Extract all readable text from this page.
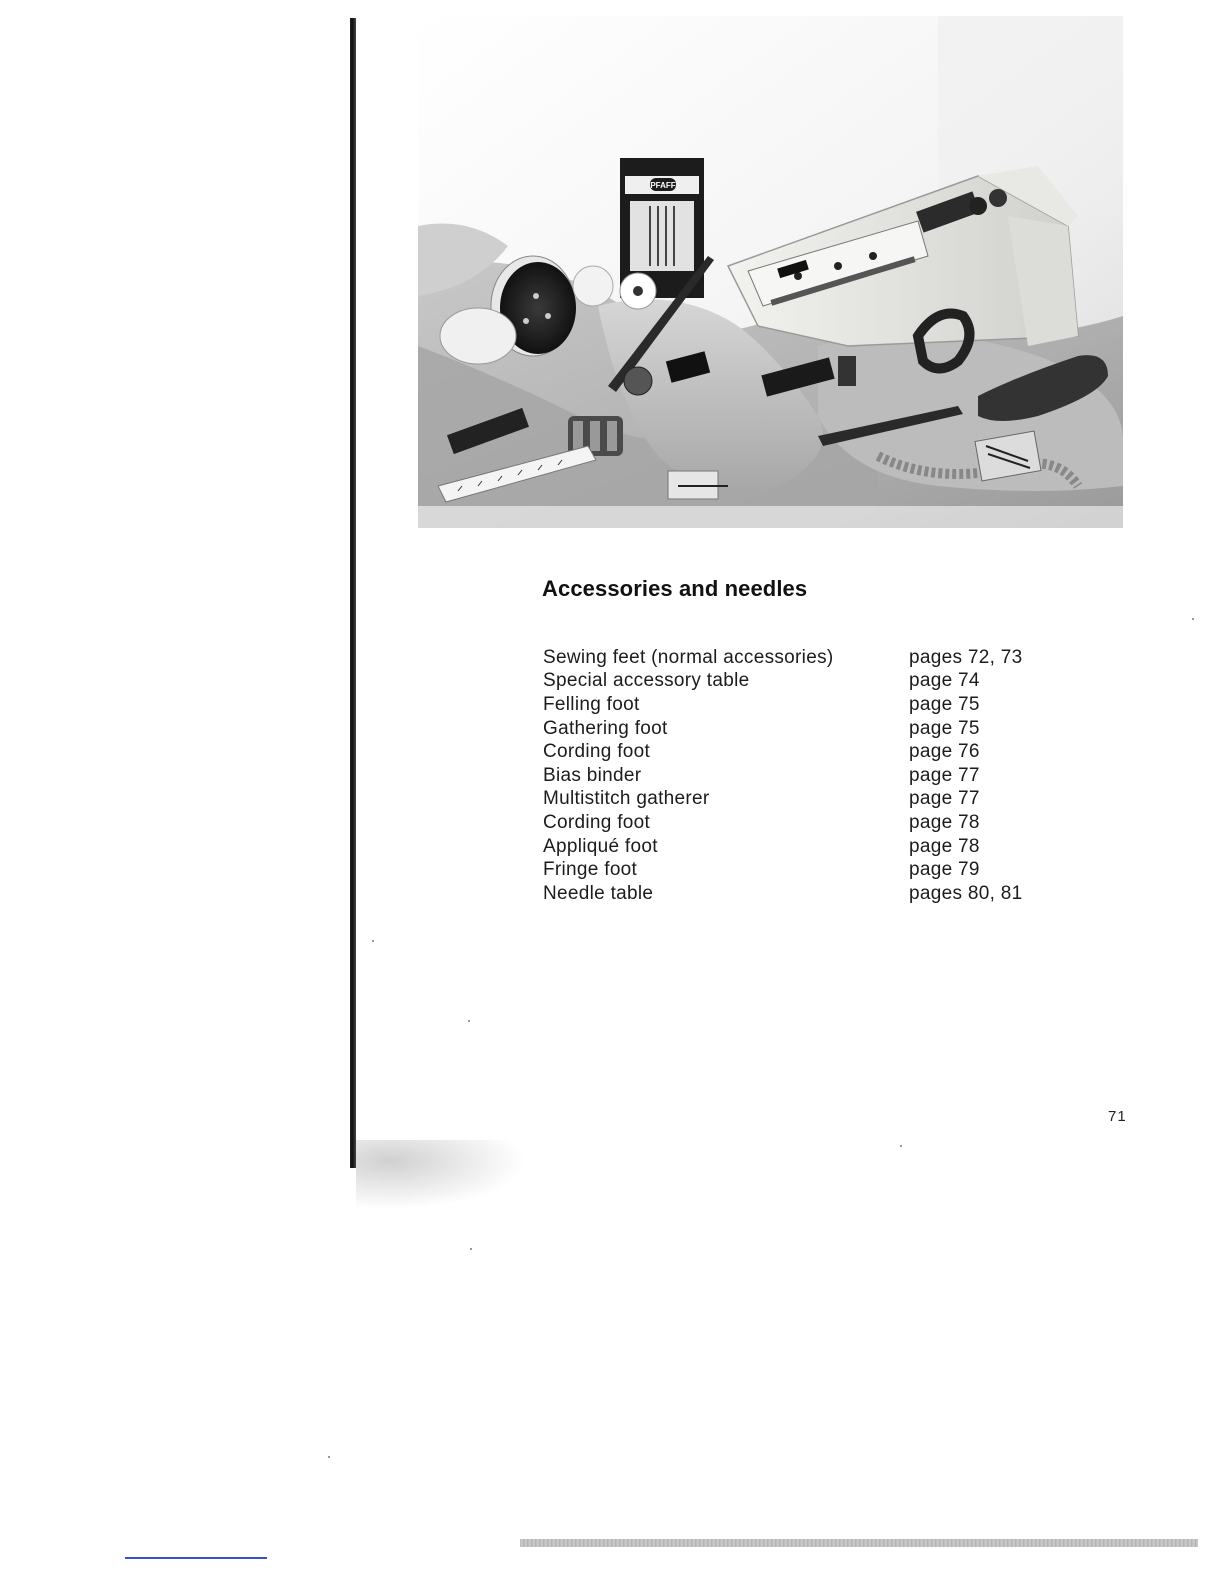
PFAFF
Accessories and needles
Sewing feet (normal accessories)	pages 72, 73
Special accessory table	page 74
Felling foot	page 75
Gathering foot	page 75
Cording foot	page 76
Bias binder	page 77
Multistitch gatherer	page 77
Cording foot	page 78
Appliqué foot	page 78
Fringe foot	page 79
Needle table	pages 80, 81
71
